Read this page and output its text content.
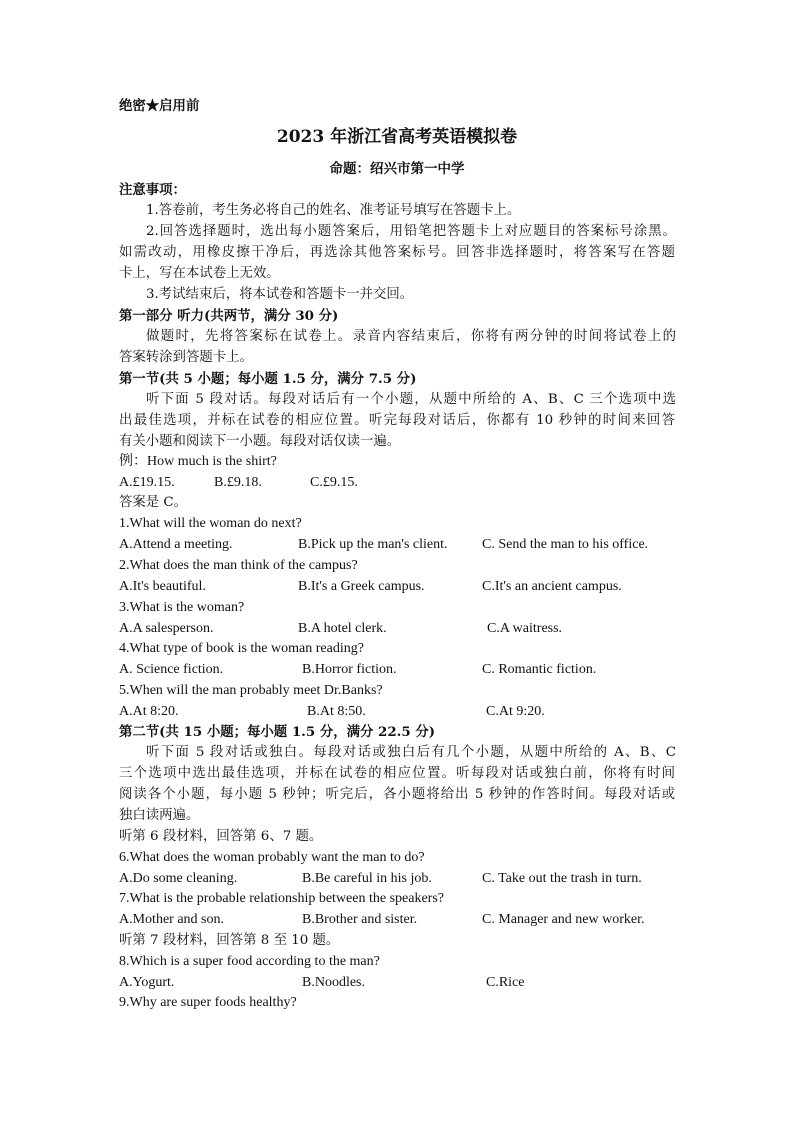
绝密★启用前
2023 年浙江省高考英语模拟卷
命题：绍兴市第一中学
注意事项：
1.答卷前，考生务必将自己的姓名、准考证号填写在答题卡上。
2.回答选择题时，选出每小题答案后，用铅笔把答题卡上对应题目的答案标号涂黑。
如需改动，用橡皮擦干净后，再选涂其他答案标号。回答非选择题时，将答案写在答题
卡上，写在本试卷上无效。
3.考试结束后，将本试卷和答题卡一并交回。
第一部分 听力(共两节，满分 30 分)
做题时，先将答案标在试卷上。录音内容结束后，你将有两分钟的时间将试卷上的
答案转涂到答题卡上。
第一节(共 5 小题；每小题 1.5 分，满分 7.5 分)
听下面 5 段对话。每段对话后有一个小题，从题中所给的 A、B、C 三个选项中选
出最佳选项，并标在试卷的相应位置。听完每段对话后，你都有 10 秒钟的时间来回答
有关小题和阅读下一小题。每段对话仅读一遍。
例：How much is the shirt?
A.£19.15.	B.£9.18.	C.£9.15.
答案是 C。
1.What will the woman do next?
A.Attend a meeting.	B.Pick up the man's client. C. Send the man to his office.
2.What does the man think of the campus?
A.It's beautiful.	B.It's a Greek campus.	C.It's an ancient campus.
3.What is the woman?
A.A salesperson.	B.A hotel clerk.	C.A waitress.
4.What type of book is the woman reading?
A. Science fiction.	B.Horror fiction.	C. Romantic fiction.
5.When will the man probably meet Dr.Banks?
A.At 8:20.	B.At 8:50.	C.At 9:20.
第二节(共 15 小题；每小题 1.5 分，满分 22.5 分)
听下面 5 段对话或独白。每段对话或独白后有几个小题，从题中所给的 A、B、C
三个选项中选出最佳选项，并标在试卷的相应位置。听每段对话或独白前，你将有时间
阅读各个小题，每小题 5 秒钟；听完后，各小题将给出 5 秒钟的作答时间。每段对话或
独白读两遍。
听第 6 段材料，回答第 6、7 题。
6.What does the woman probably want the man to do?
A.Do some cleaning.	B.Be careful in his job.	C. Take out the trash in turn.
7.What is the probable relationship between the speakers?
A.Mother and son.	B.Brother and sister.	C. Manager and new worker.
听第 7 段材料，回答第 8 至 10 题。
8.Which is a super food according to the man?
A.Yogurt.	B.Noodles.	C.Rice
9.Why are super foods healthy?
